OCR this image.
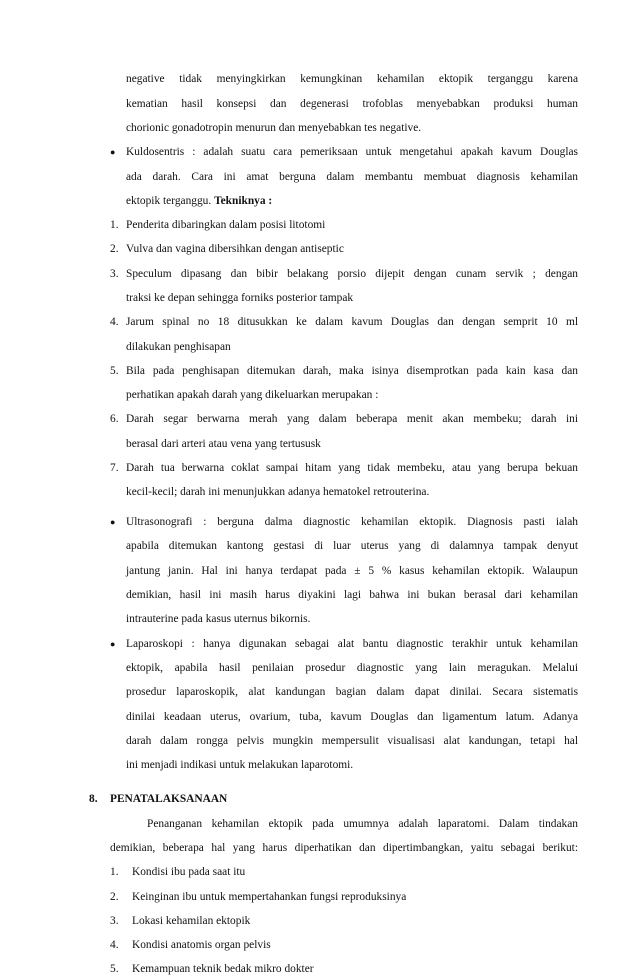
negative tidak menyingkirkan kemungkinan kehamilan ektopik terganggu karena
kematian hasil konsepsi dan degenerasi trofoblas menyebabkan produksi human
chorionic gonadotropin menurun dan menyebabkan tes negative.
● Kuldosentris : adalah suatu cara pemeriksaan untuk mengetahui apakah kavum Douglas
ada darah. Cara ini amat berguna dalam membantu membuat diagnosis kehamilan
ektopik terganggu. Tekniknya :
1. Penderita dibaringkan dalam posisi litotomi
2. Vulva dan vagina dibersihkan dengan antiseptic
3. Speculum dipasang dan bibir belakang porsio dijepit dengan cunam servik ; dengan
traksi ke depan sehingga forniks posterior tampak
4. Jarum spinal no 18 ditusukkan ke dalam kavum Douglas dan dengan semprit 10 ml
dilakukan penghisapan
5. Bila pada penghisapan ditemukan darah, maka isinya disemprotkan pada kain kasa dan
perhatikan apakah darah yang dikeluarkan merupakan :
6. Darah segar berwarna merah yang dalam beberapa menit akan membeku; darah ini
berasal dari arteri atau vena yang tertususk
7. Darah tua berwarna coklat sampai hitam yang tidak membeku, atau yang berupa bekuan
kecil-kecil; darah ini menunjukkan adanya hematokel retrouterina.
● Ultrasonografi : berguna dalma diagnostic kehamilan ektopik. Diagnosis pasti ialah
apabila ditemukan kantong gestasi di luar uterus yang di dalamnya tampak denyut
jantung janin. Hal ini hanya terdapat pada ± 5 % kasus kehamilan ektopik. Walaupun
demikian, hasil ini masih harus diyakini lagi bahwa ini bukan berasal dari kehamilan
intrauterine pada kasus uternus bikornis.
● Laparoskopi : hanya digunakan sebagai alat bantu diagnostic terakhir untuk kehamilan
ektopik, apabila hasil penilaian prosedur diagnostic yang lain meragukan. Melalui
prosedur laparoskopik, alat kandungan bagian dalam dapat dinilai. Secara sistematis
dinilai keadaan uterus, ovarium, tuba, kavum Douglas dan ligamentum latum. Adanya
darah dalam rongga pelvis mungkin mempersulit visualisasi alat kandungan, tetapi hal
ini menjadi indikasi untuk melakukan laparotomi.
8. PENATALAKSANAAN
Penanganan kehamilan ektopik pada umumnya adalah laparatomi. Dalam tindakan
demikian, beberapa hal yang harus diperhatikan dan dipertimbangkan, yaitu sebagai berikut:
1. Kondisi ibu pada saat itu
2. Keinginan ibu untuk mempertahankan fungsi reproduksinya
3. Lokasi kehamilan ektopik
4. Kondisi anatomis organ pelvis
5. Kemampuan teknik bedak mikro dokter
